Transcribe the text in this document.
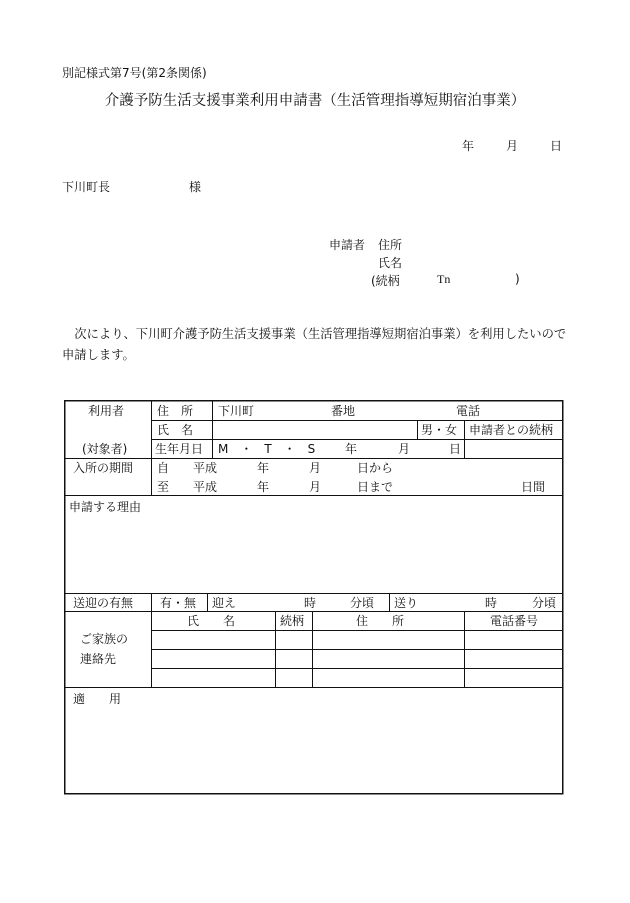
別記様式第7号(第2条関係)
介護予防生活支援事業利用申請書（生活管理指導短期宿泊事業）
年	月	日
下川町長	様
申請者 住所
氏名
(続柄	Tn	)
　次により、下川町介護予防生活支援事業（生活管理指導短期宿泊事業）を利用したいので申請します。
利用者
(対象者)
住　所 下川町	番地	電話
氏　名	男・女 申請者との続柄
生年月日 M　・　T　・　S 年	月	日
入所の期間 自 平成	年	月	日から
至 平成	年	月	日まで	日間
申請する理由
送迎の有無 有・無 迎え	時	分頃 送り	時	分頃
ご家族の
連絡先
氏　　名	続柄	住　　所	電話番号
適　　用
